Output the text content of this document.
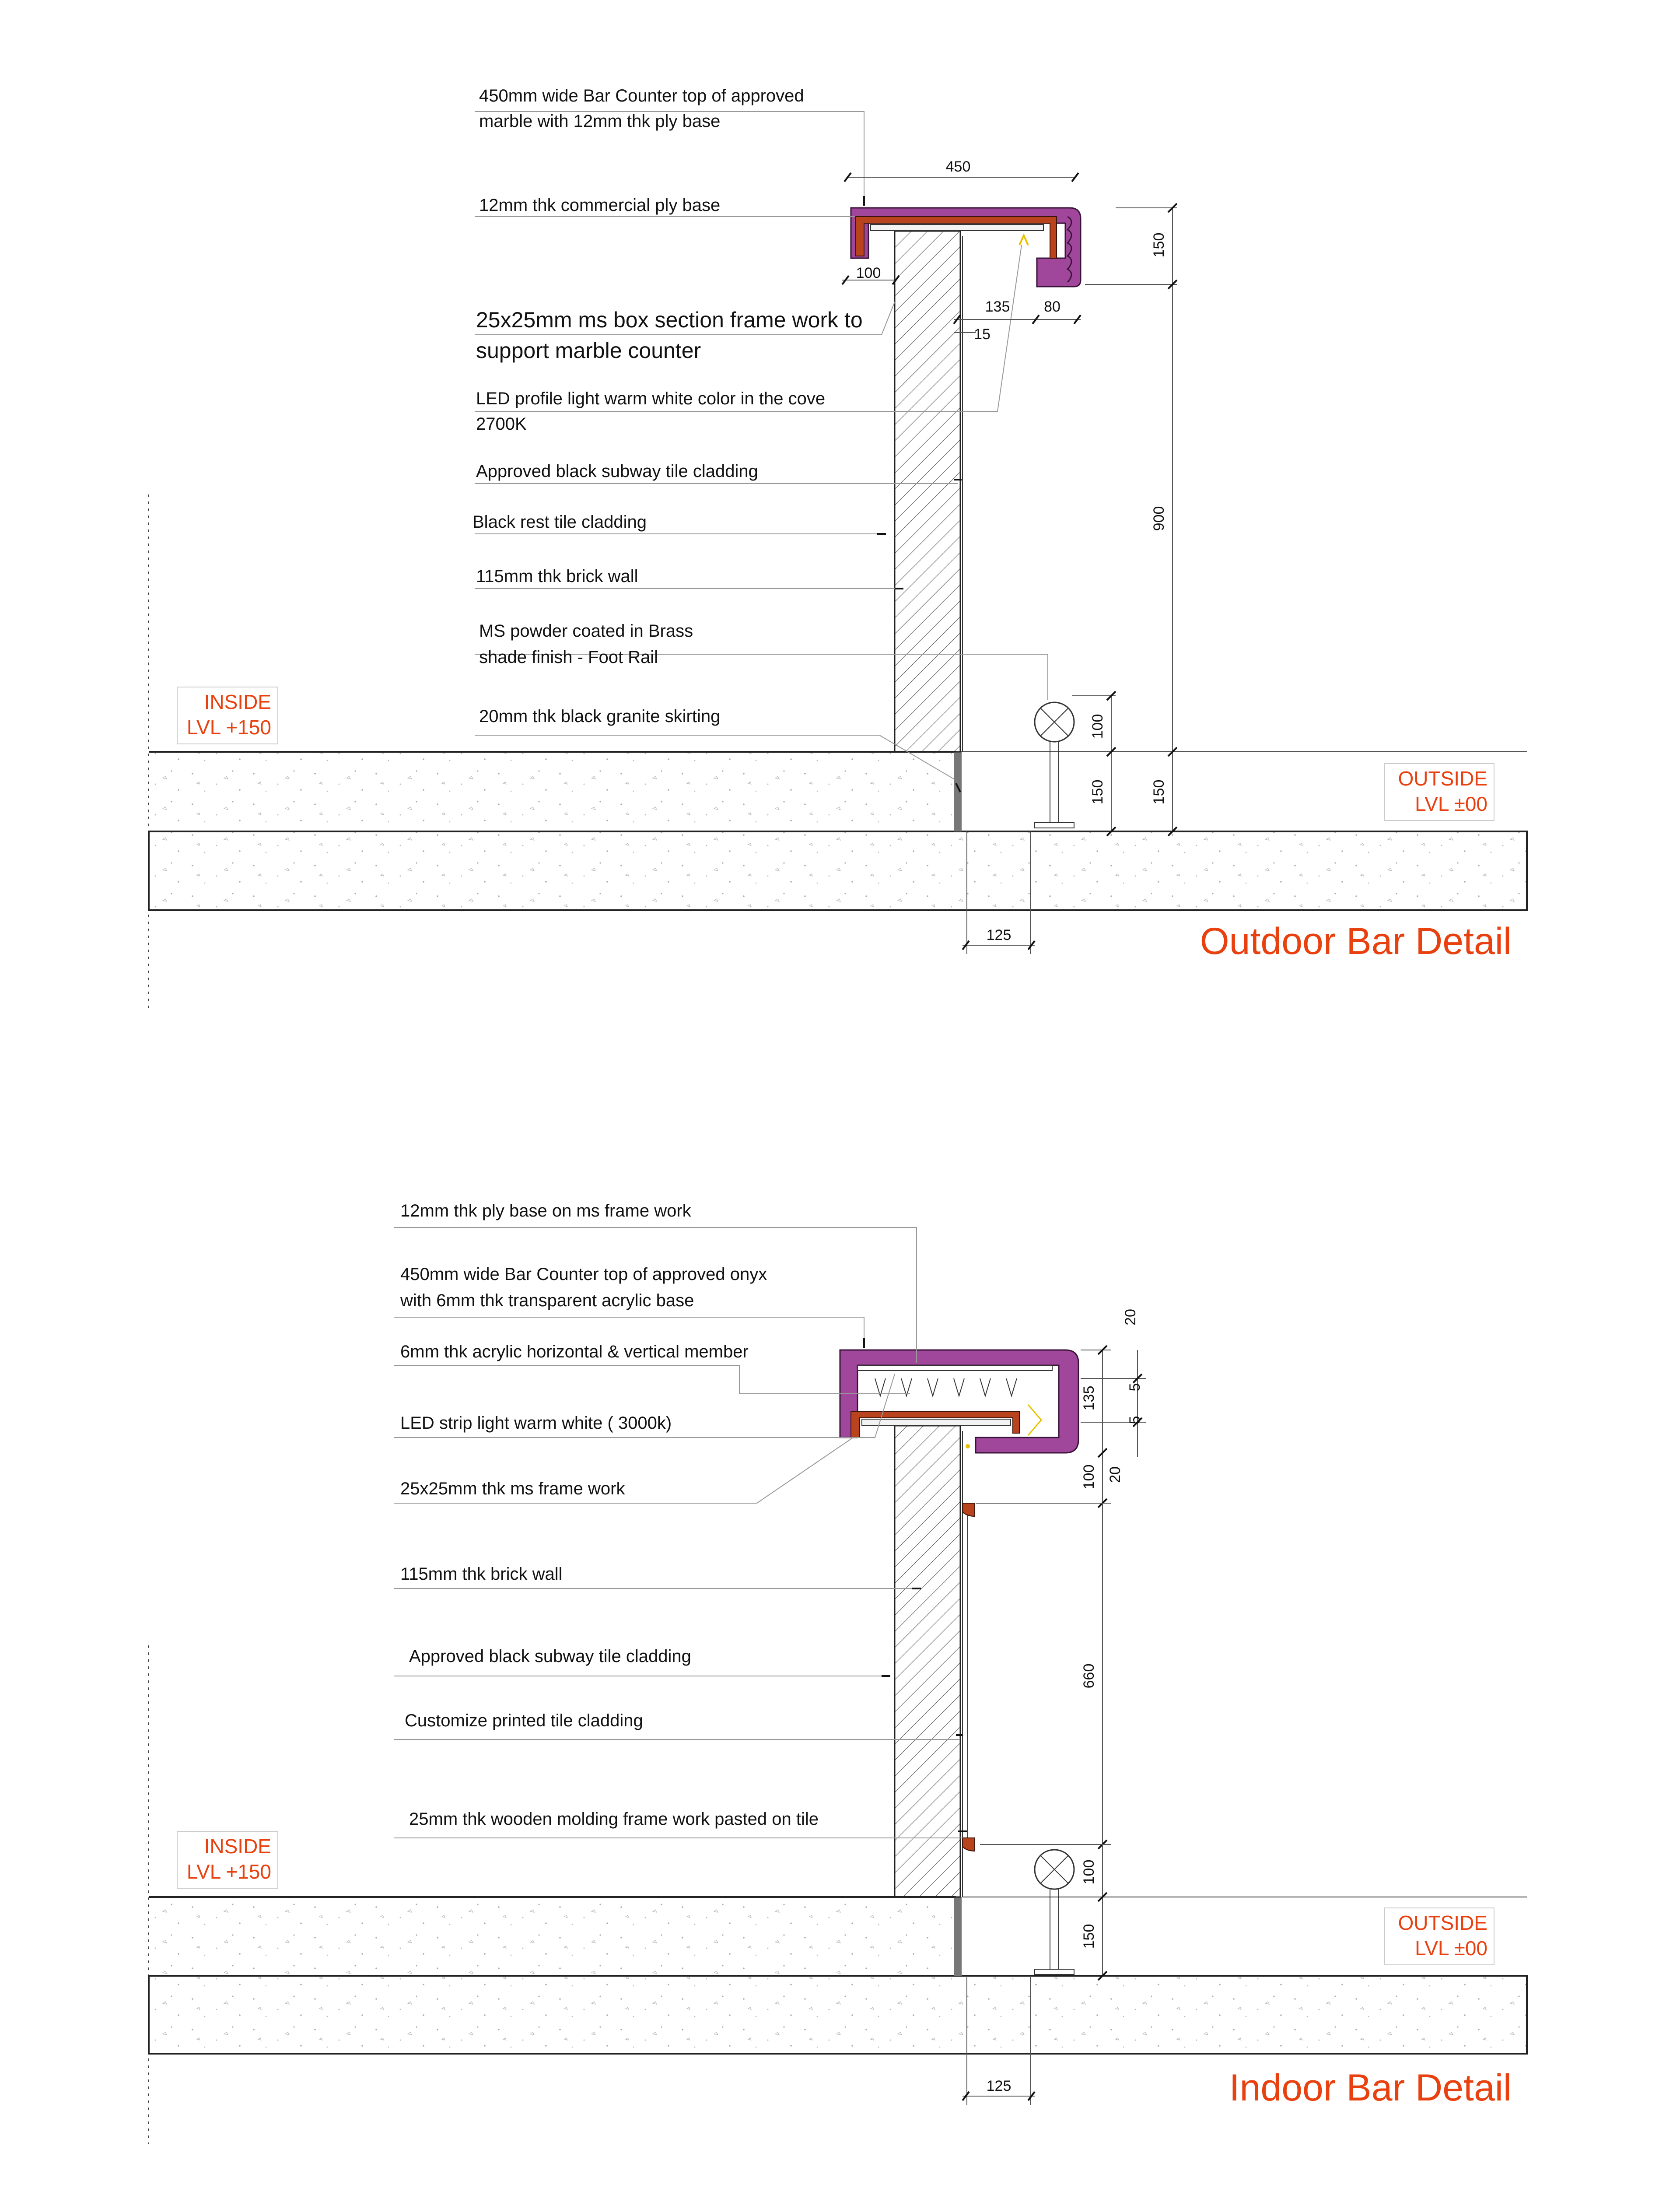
450
100
135 80
15
150
900
100
150	150
125
450mm wide Bar Counter top of approved
marble with 12mm thk ply base
12mm thk commercial ply base
25x25mm ms box section frame work to
support marble counter
LED profile light warm white color in the cove
2700K
Approved black subway tile cladding
Black rest tile cladding
115mm thk brick wall
MS powder coated in Brass
shade finish - Foot Rail
20mm thk black granite skirting
INSIDE
LVL +150
OUTSIDE
LVL ±00
Outdoor Bar Detail
20
5
5
135
100 20
660
100
150
125
12mm thk ply base on ms frame work
450mm wide Bar Counter top of approved onyx
with 6mm thk transparent acrylic base
6mm thk acrylic horizontal & vertical member
LED strip light warm white ( 3000k)
25x25mm thk ms frame work
115mm thk brick wall
Approved black subway tile cladding
Customize printed tile cladding
25mm thk wooden molding frame work pasted on tile
INSIDE
LVL +150
OUTSIDE
LVL ±00
Indoor Bar Detail
